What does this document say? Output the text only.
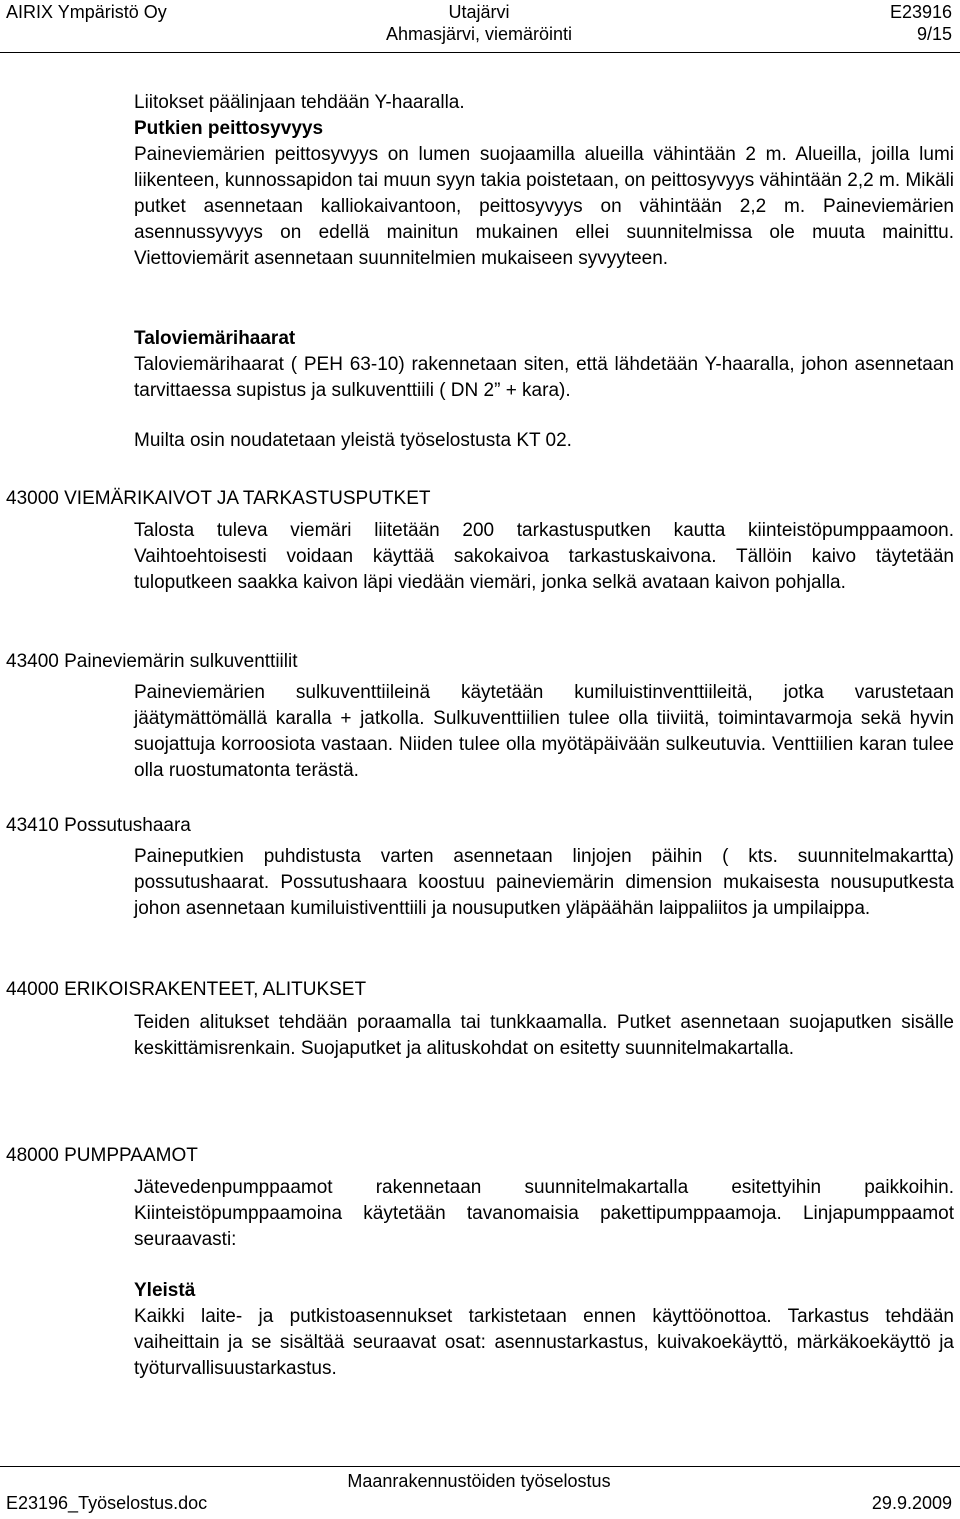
AIRIX Ympäristö Oy	Utajärvi	E23916
Ahmasjärvi, viemäröinti	9/15

Liitokset päälinjaan tehdään Y-haaralla.

Putkien peittosyvyys

Paineviemärien peittosyvyys on lumen suojaamilla alueilla vähintään 2 m. Alueilla, joilla lumi liikenteen, kunnossapidon tai muun syyn takia poistetaan, on peittosyvyys vähintään 2,2 m. Mikäli putket asennetaan kalliokaivantoon, peittosyvyys on vähintään 2,2 m. Paineviemärien asennussyvyys on edellä mainitun mukainen ellei suunnitelmissa ole muuta mainittu. Viettoviemärit asennetaan suunnitelmien mukaiseen syvyyteen.

Taloviemärihaarat

Taloviemärihaarat ( PEH 63-10) rakennetaan siten, että lähdetään Y-haaralla, johon asennetaan tarvittaessa supistus ja sulkuventtiili ( DN 2” + kara).

Muilta osin noudatetaan yleistä työselostusta KT 02.

43000 VIEMÄRIKAIVOT JA TARKASTUSPUTKET

Talosta tuleva viemäri liitetään 200 tarkastusputken kautta kiinteistöpumppaamoon. Vaihtoehtoisesti voidaan käyttää sakokaivoa tarkastuskaivona. Tällöin kaivo täytetään tuloputkeen saakka kaivon läpi viedään viemäri, jonka selkä avataan kaivon pohjalla.

43400 Paineviemärin sulkuventtiilit

Paineviemärien sulkuventtiileinä käytetään kumiluistinventtiileitä, jotka varustetaan jäätymättömällä karalla + jatkolla. Sulkuventtiilien tulee olla tiiviitä, toimintavarmoja sekä hyvin suojattuja korroosiota vastaan. Niiden tulee olla myötäpäivään sulkeutuvia. Venttiilien karan tulee olla ruostumatonta terästä.

43410 Possutushaara

Paineputkien puhdistusta varten asennetaan linjojen päihin ( kts. suunnitelmakartta) possutushaarat. Possutushaara koostuu paineviemärin dimension mukaisesta nousuputkesta johon asennetaan kumiluistiventtiili ja nousuputken yläpäähän laippaliitos ja umpilaippa.

44000 ERIKOISRAKENTEET, ALITUKSET

Teiden alitukset tehdään poraamalla tai tunkkaamalla. Putket asennetaan suojaputken sisälle keskittämisrenkain. Suojaputket ja alituskohdat on esitetty suunnitelmakartalla.

48000 PUMPPAAMOT

Jätevedenpumppaamot rakennetaan suunnitelmakartalla esitettyihin paikkoihin. Kiinteistöpumppaamoina käytetään tavanomaisia pakettipumppaamoja. Linjapumppaamot seuraavasti:

Yleistä

Kaikki laite- ja putkistoasennukset tarkistetaan ennen käyttöönottoa. Tarkastus tehdään vaiheittain ja se sisältää seuraavat osat: asennustarkastus, kuivakoekäyttö, märkäkoekäyttö ja työturvallisuustarkastus.

Maanrakennustöiden työselostus
E23196_Työselostus.doc	29.9.2009
